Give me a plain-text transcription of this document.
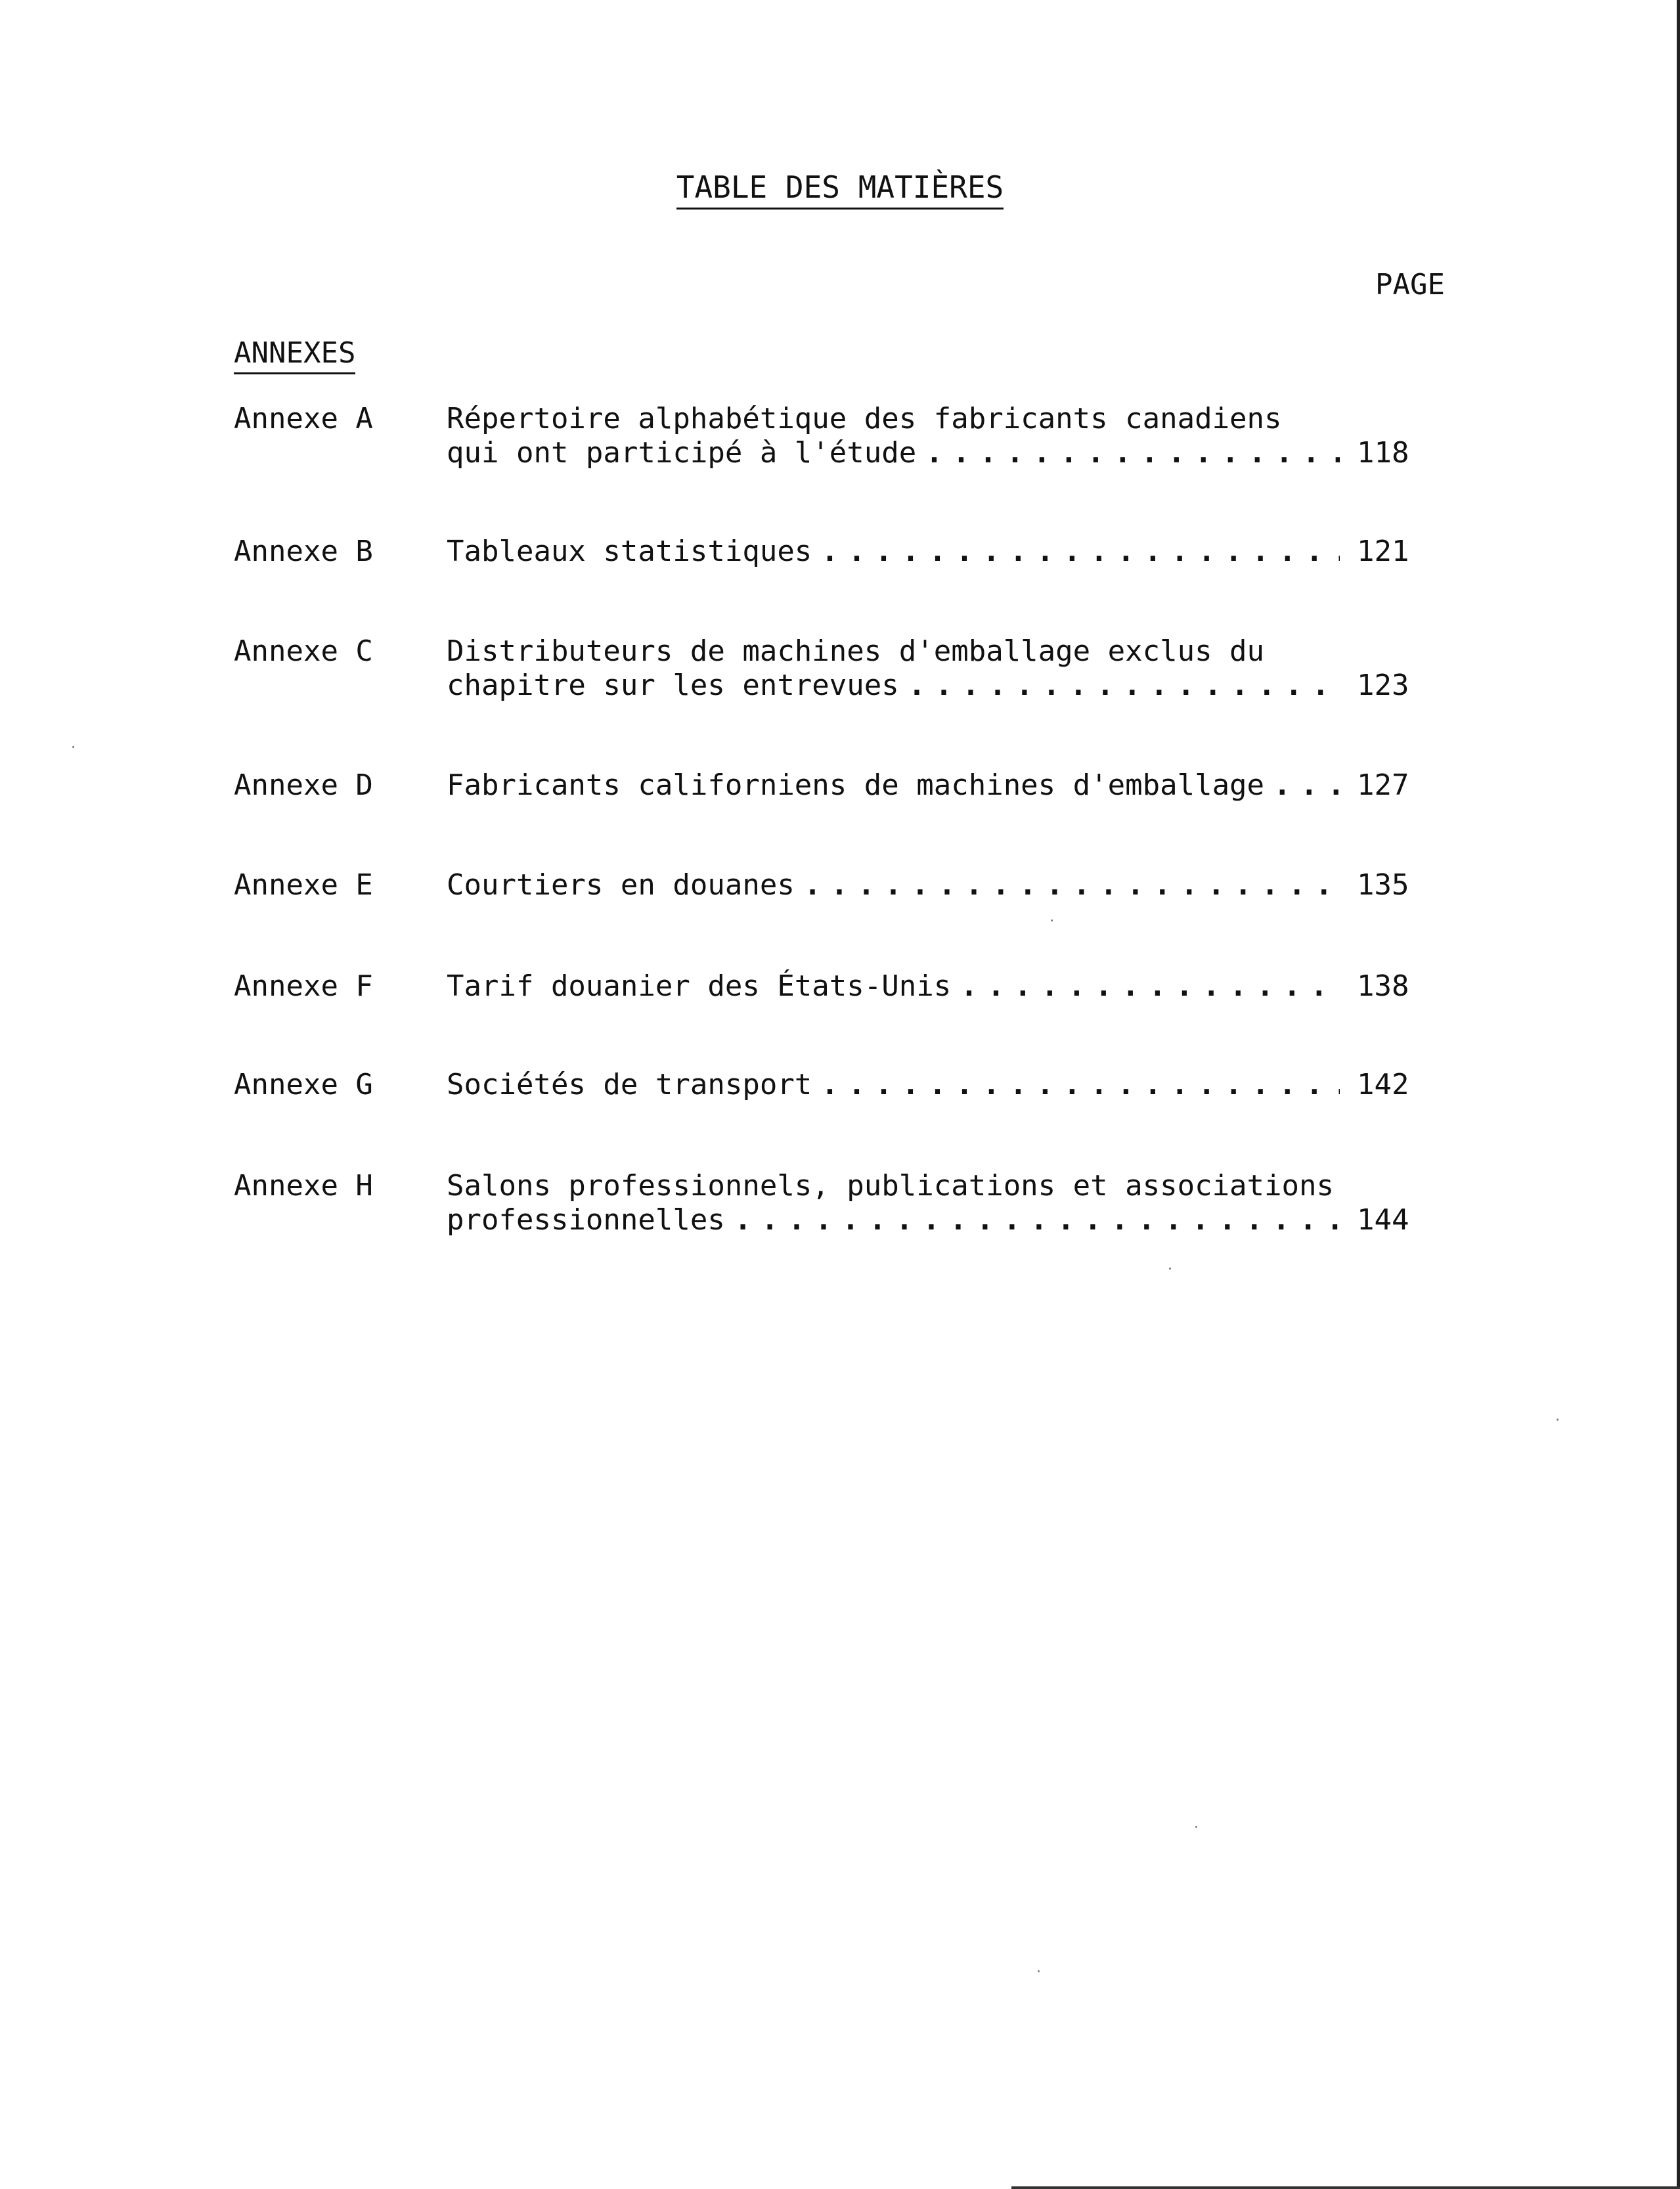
TABLE DES MATIÈRES
PAGE
ANNEXES
Annexe A	Répertoire alphabétique des fabricants canadiens
qui ont participé à l'étude . . .	118
Annexe B	Tableaux statistiques . . .	121
Annexe C	Distributeurs de machines d'emballage exclus du
chapitre sur les entrevues . . .	123
Annexe D	Fabricants californiens de machines d'emballage . . .	127
Annexe E	Courtiers en douanes . . .	135
Annexe F	Tarif douanier des États-Unis . . .	138
Annexe G	Sociétés de transport . . .	142
Annexe H	Salons professionnels, publications et associations
professionnelles . . .	144
